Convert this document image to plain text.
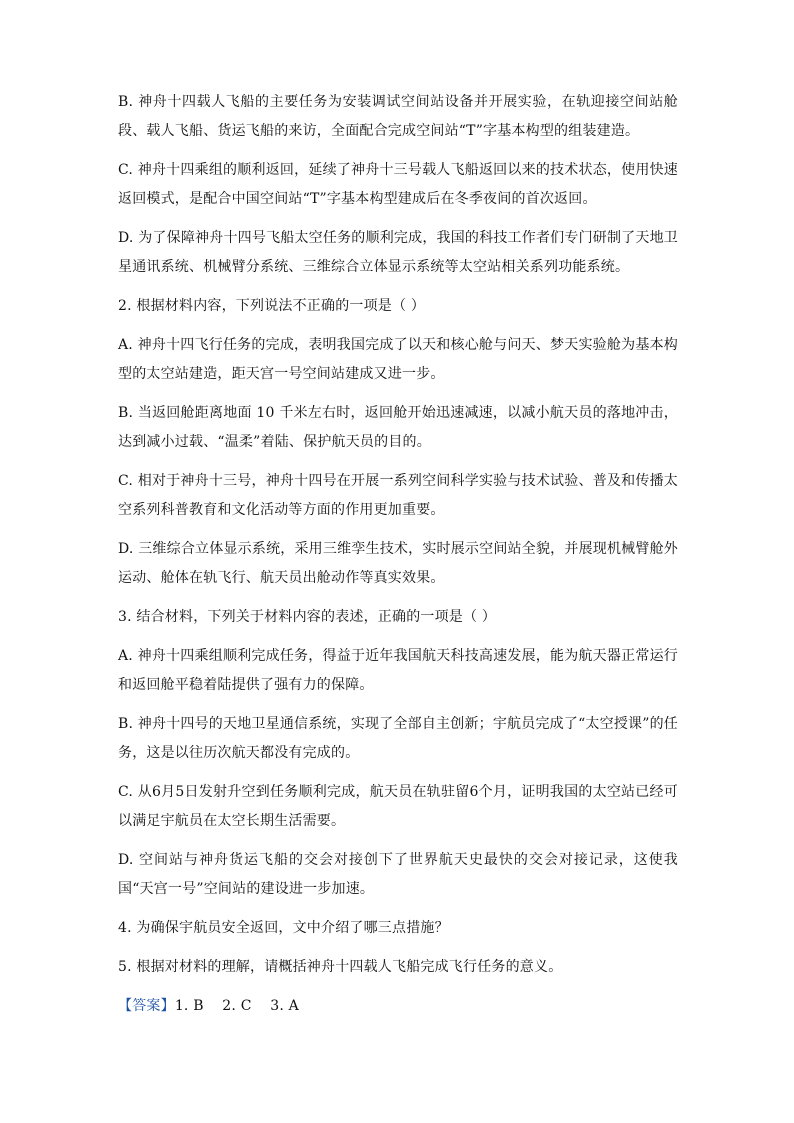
B. 神舟十四载人飞船的主要任务为安装调试空间站设备并开展实验，在轨迎接空间站舱段、载人飞船、货运飞船的来访，全面配合完成空间站“T”字基本构型的组装建造。

C. 神舟十四乘组的顺利返回，延续了神舟十三号载人飞船返回以来的技术状态，使用快速返回模式，是配合中国空间站“T”字基本构型建成后在冬季夜间的首次返回。

D. 为了保障神舟十四号飞船太空任务的顺利完成，我国的科技工作者们专门研制了天地卫星通讯系统、机械臂分系统、三维综合立体显示系统等太空站相关系列功能系统。

2. 根据材料内容，下列说法不正确的一项是（ ）

A. 神舟十四飞行任务的完成，表明我国完成了以天和核心舱与问天、梦天实验舱为基本构型的太空站建造，距天宫一号空间站建成又进一步。

B. 当返回舱距离地面 10 千米左右时，返回舱开始迅速减速，以减小航天员的落地冲击，达到减小过载、“温柔”着陆、保护航天员的目的。

C. 相对于神舟十三号，神舟十四号在开展一系列空间科学实验与技术试验、普及和传播太空系列科普教育和文化活动等方面的作用更加重要。

D. 三维综合立体显示系统，采用三维孪生技术，实时展示空间站全貌，并展现机械臂舱外运动、舱体在轨飞行、航天员出舱动作等真实效果。

3. 结合材料，下列关于材料内容的表述，正确的一项是（ ）

A. 神舟十四乘组顺利完成任务，得益于近年我国航天科技高速发展，能为航天器正常运行和返回舱平稳着陆提供了强有力的保障。

B. 神舟十四号的天地卫星通信系统，实现了全部自主创新；宇航员完成了“太空授课”的任务，这是以往历次航天都没有完成的。

C. 从6月5日发射升空到任务顺利完成，航天员在轨驻留6个月，证明我国的太空站已经可以满足宇航员在太空长期生活需要。

D. 空间站与神舟货运飞船的交会对接创下了世界航天史最快的交会对接记录，这使我国“天宫一号”空间站的建设进一步加速。

4. 为确保宇航员安全返回，文中介绍了哪三点措施？

5. 根据对材料的理解，请概括神舟十四载人飞船完成飞行任务的意义。

【答案】1. B    2. C    3. A
